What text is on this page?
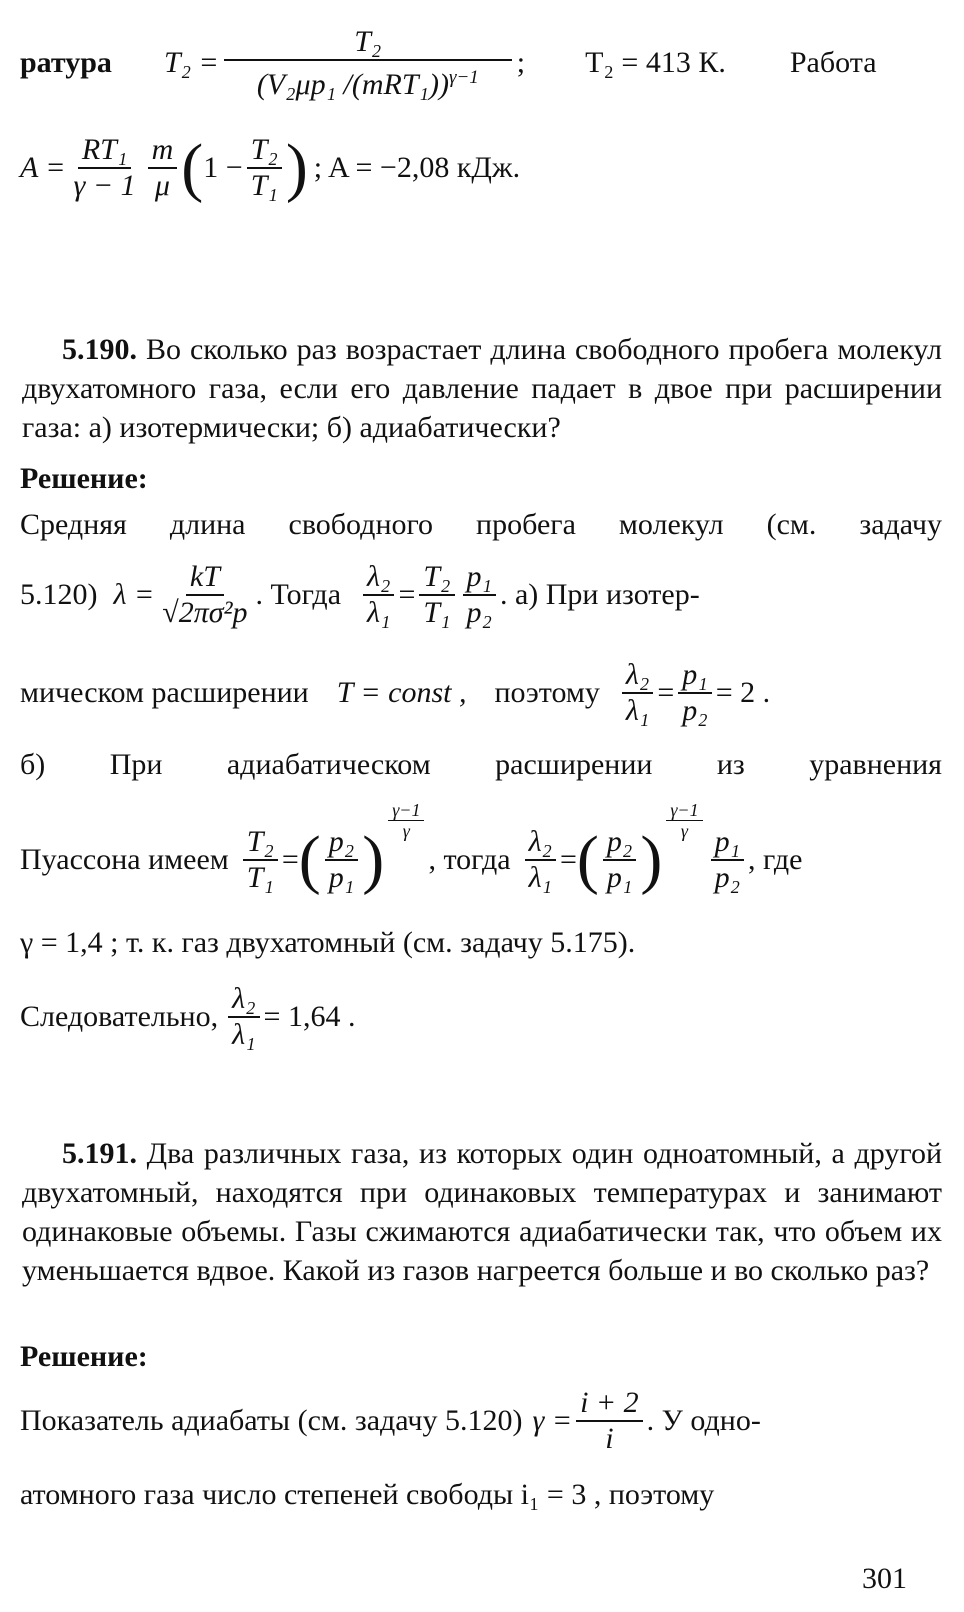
ратура $T_2 = \frac{\text{T₂}}{(V_2\mu p_1 /(mRT_1))^{\gamma-1}}$ ; T₂ = 413 К. Работа
$A = \frac{\text{RT₁}}{\gamma - 1} \frac{m}{\mu}$ ( $1 - \frac{\text{T₂}}{\text{T₁}}$ ) ; A = −2,08 кДж.
5.190. Во сколько раз возрастает длина свободного пробега молекул двухатомного газа, если его давление падает в двое при расширении газа: а) изотермически; б) адиабатически?
Решение:
Средняя длина свободного пробега молекул (см. задачу
5.120) $\lambda = \frac{kT}{\text{√2πσ²p}}$ . Тогда $\frac{\text{λ₂}}{\text{λ₁}} = \frac{\text{T₂}}{\text{T₁}} \frac{\text{p₁}}{\text{p₂}}$ . а) При изотер-
мическом расширении T = const , поэтому $\frac{\text{λ₂}}{\text{λ₁}} = \frac{\text{p₁}}{\text{p₂}} = 2$ .
б) При адиабатическом расширении из уравнения
Пуассона имеем $\frac{\text{T₂}}{\text{T₁}}$ = ( $\frac{\text{p₂}}{\text{p₁}}$ )
$\frac{\gamma-1}{\gamma}$
, тогда $\frac{\text{λ₂}}{\text{λ₁}}$ = ( $\frac{\text{p₂}}{\text{p₁}}$ )
$\frac{\gamma-1}{\gamma}$
$\frac{\text{p₁}}{\text{p₂}}$ , где
γ = 1,4 ; т. к. газ двухатомный (см. задачу 5.175).
Следовательно, $\frac{\text{λ₂}}{\text{λ₁}} = 1,64$ .
5.191. Два различных газа, из которых один одноатомный, а другой двухатомный, находятся при одинаковых температурах и занимают одинаковые объемы. Газы сжимаются адиабатически так, что объем их уменьшается вдвое. Какой из газов нагреется больше и во сколько раз?
Решение:
Показатель адиабаты (см. задачу 5.120) $\gamma = \frac{i + 2}{i}$ . У одно-
атомного газа число степеней свободы i₁ = 3 , поэтому
301
